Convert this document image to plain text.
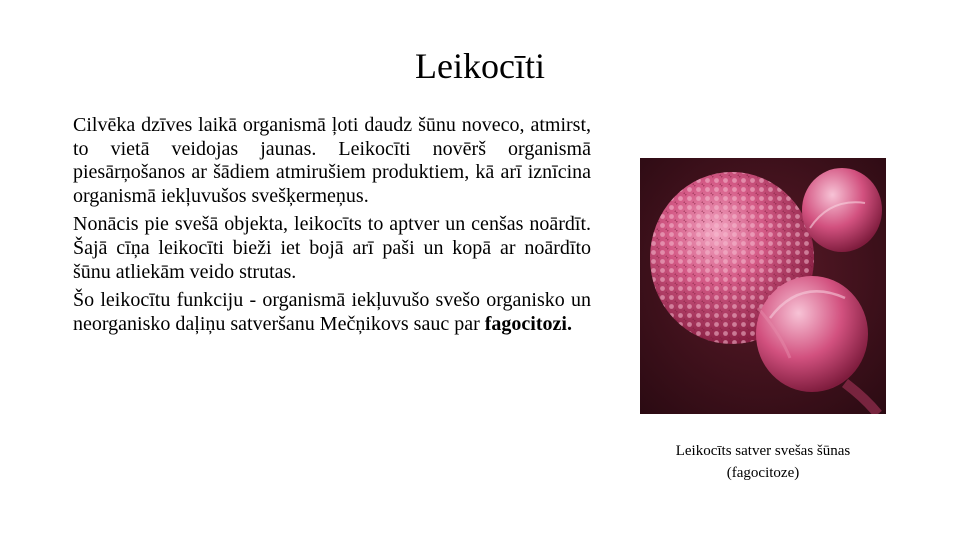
Leikocīti

Cilvēka dzīves laikā organismā ļoti daudz šūnu noveco, atmirst, to vietā veidojas jaunas. Leikocīti novērš organismā piesārņošanos ar šādiem atmirušiem produktiem, kā arī iznīcina organismā iekļuvušos svešķermeņus.

Nonācis pie svešā objekta, leikocīts to aptver un cenšas noārdīt. Šajā cīņa leikocīti bieži iet bojā arī paši un kopā ar noārdīto šūnu atliekām veido strutas.

Šo leikocītu funkciju - organismā iekļuvušo svešo organisko un neorganisko daļiņu satveršanu Mečņikovs sauc par fagocitozi.

Leikocīts satver svešas šūnas
(fagocitoze)
